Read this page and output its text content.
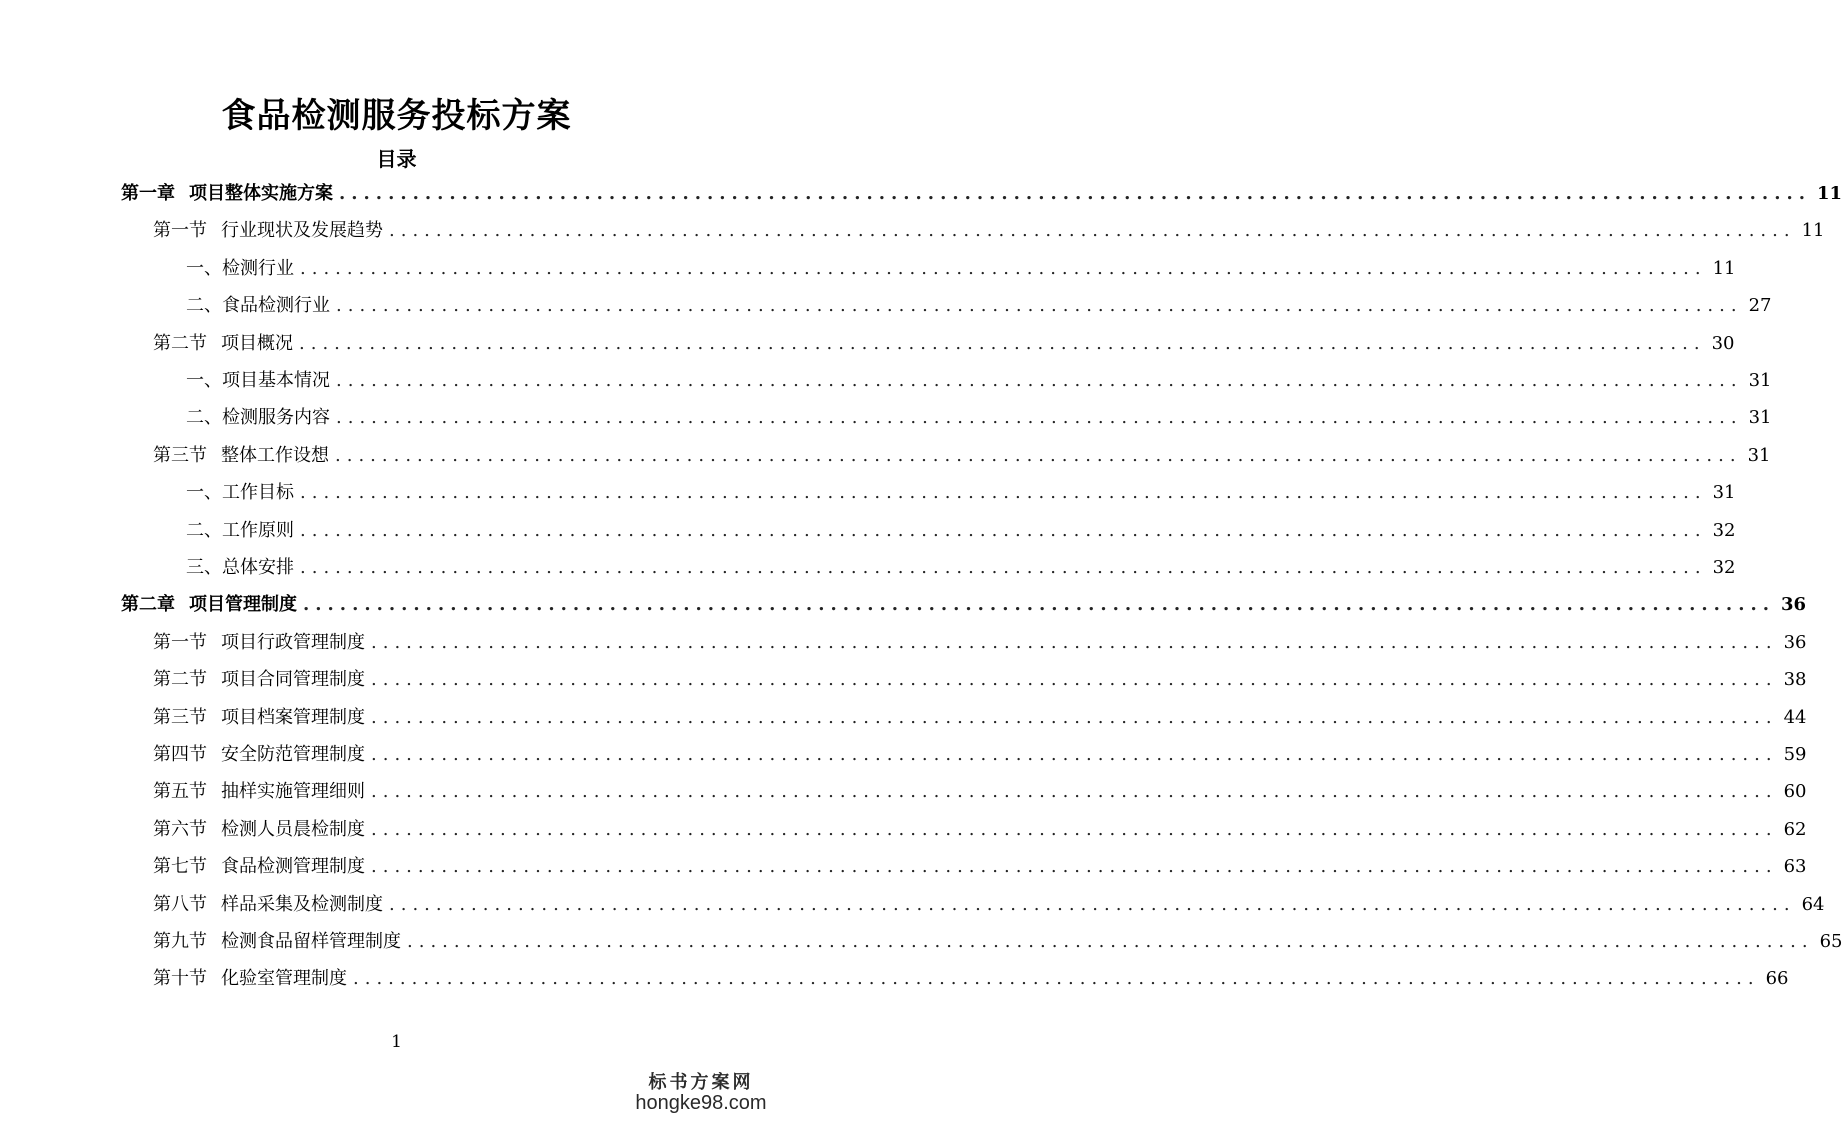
食品检测服务投标方案
目录
第一章 项目整体实施方案 ........................................................................................................................ 11
第一节 行业现状及发展趋势 ........................................................................................................................ 11
一、检测行业 ........................................................................................................................ 11
二、食品检测行业 ........................................................................................................................ 27
第二节 项目概况 ........................................................................................................................ 30
一、项目基本情况 ........................................................................................................................ 31
二、检测服务内容 ........................................................................................................................ 31
第三节 整体工作设想 ........................................................................................................................ 31
一、工作目标 ........................................................................................................................ 31
二、工作原则 ........................................................................................................................ 32
三、总体安排 ........................................................................................................................ 32
第二章 项目管理制度 ........................................................................................................................ 36
第一节 项目行政管理制度 ........................................................................................................................ 36
第二节 项目合同管理制度 ........................................................................................................................ 38
第三节 项目档案管理制度 ........................................................................................................................ 44
第四节 安全防范管理制度 ........................................................................................................................ 59
第五节 抽样实施管理细则 ........................................................................................................................ 60
第六节 检测人员晨检制度 ........................................................................................................................ 62
第七节 食品检测管理制度 ........................................................................................................................ 63
第八节 样品采集及检测制度 ........................................................................................................................ 64
第九节 检测食品留样管理制度 ........................................................................................................................ 65
第十节 化验室管理制度 ........................................................................................................................ 66
1
标书方案网
hongke98.com
